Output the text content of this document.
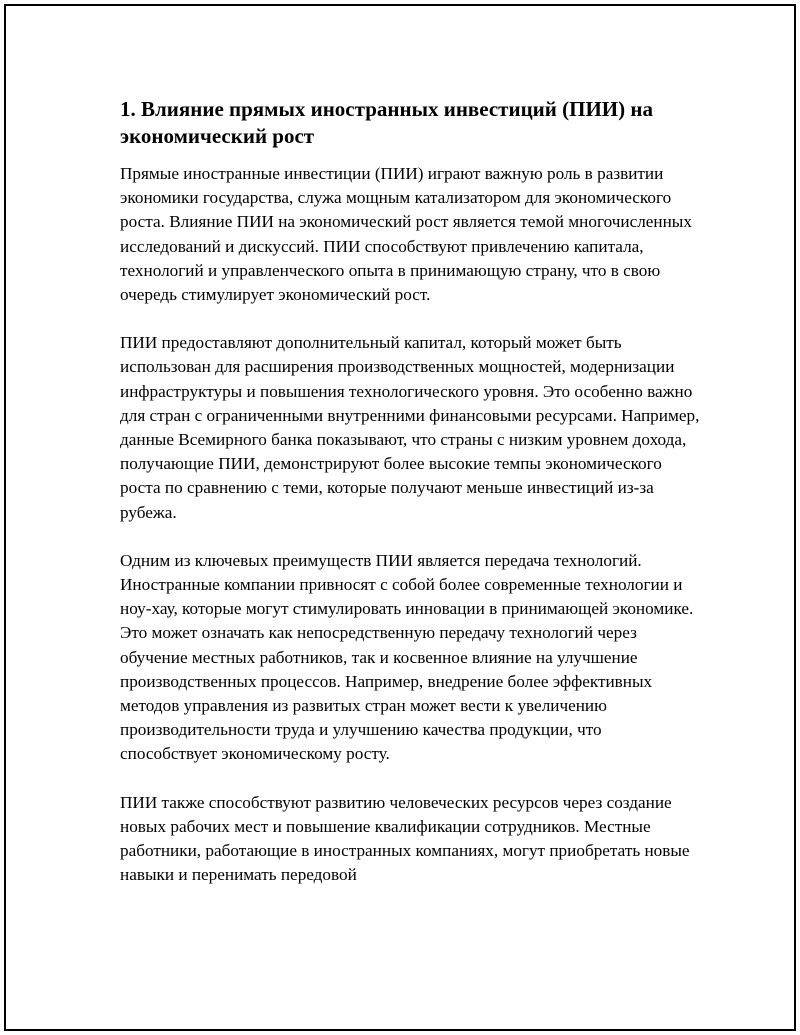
1. Влияние прямых иностранных инвестиций (ПИИ) на экономический рост

Прямые иностранные инвестиции (ПИИ) играют важную роль в развитии экономики государства, служа мощным катализатором для экономического роста. Влияние ПИИ на экономический рост является темой многочисленных исследований и дискуссий. ПИИ способствуют привлечению капитала, технологий и управленческого опыта в принимающую страну, что в свою очередь стимулирует экономический рост.

ПИИ предоставляют дополнительный капитал, который может быть использован для расширения производственных мощностей, модернизации инфраструктуры и повышения технологического уровня. Это особенно важно для стран с ограниченными внутренними финансовыми ресурсами. Например, данные Всемирного банка показывают, что страны с низким уровнем дохода, получающие ПИИ, демонстрируют более высокие темпы экономического роста по сравнению с теми, которые получают меньше инвестиций из-за рубежа.

Одним из ключевых преимуществ ПИИ является передача технологий. Иностранные компании привносят с собой более современные технологии и ноу-хау, которые могут стимулировать инновации в принимающей экономике. Это может означать как непосредственную передачу технологий через обучение местных работников, так и косвенное влияние на улучшение производственных процессов. Например, внедрение более эффективных методов управления из развитых стран может вести к увеличению производительности труда и улучшению качества продукции, что способствует экономическому росту.

ПИИ также способствуют развитию человеческих ресурсов через создание новых рабочих мест и повышение квалификации сотрудников. Местные работники, работающие в иностранных компаниях, могут приобретать новые навыки и перенимать передовой
